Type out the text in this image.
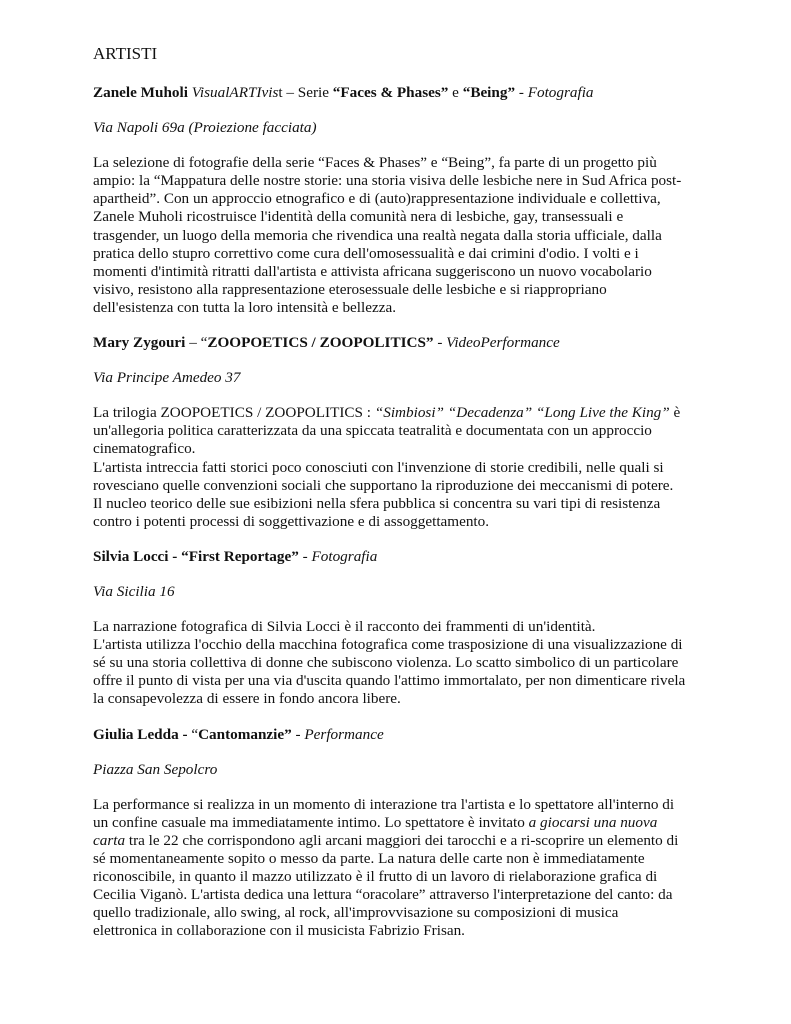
ARTISTI
Zanele Muholi VisualARTIvist – Serie “Faces & Phases” e “Being” - Fotografia
Via Napoli 69a (Proiezione facciata)
La selezione di fotografie della serie “Faces & Phases” e “Being”, fa parte di un progetto più
ampio: la “Mappatura delle nostre storie: una storia visiva delle lesbiche nere in Sud Africa post-
apartheid”. Con un approccio etnografico e di (auto)rappresentazione individuale e collettiva,
Zanele Muholi ricostruisce l'identità della comunità nera di lesbiche, gay, transessuali e
trasgender, un luogo della memoria che rivendica una realtà negata dalla storia ufficiale, dalla
pratica dello stupro correttivo come cura dell'omosessualità e dai crimini d'odio. I volti e i
momenti d'intimità ritratti dall'artista e attivista africana suggeriscono un nuovo vocabolario
visivo, resistono alla rappresentazione eterosessuale delle lesbiche e si riappropriano
dell'esistenza con tutta la loro intensità e bellezza.
Mary Zygouri – “ZOOPOETICS / ZOOPOLITICS” - VideoPerformance
Via Principe Amedeo 37
La trilogia ZOOPOETICS / ZOOPOLITICS : “Simbiosi” “Decadenza” “Long Live the King” è
un'allegoria politica caratterizzata da una spiccata teatralità e documentata con un approccio
cinematografico.
L'artista intreccia fatti storici poco conosciuti con l'invenzione di storie credibili, nelle quali si
rovesciano quelle convenzioni sociali che supportano la riproduzione dei meccanismi di potere.
Il nucleo teorico delle sue esibizioni nella sfera pubblica si concentra su vari tipi di resistenza
contro i potenti processi di soggettivazione e di assoggettamento.
Silvia Locci - “First Reportage” - Fotografia
Via Sicilia 16
La narrazione fotografica di Silvia Locci è il racconto dei frammenti di un'identità.
L'artista utilizza l'occhio della macchina fotografica come trasposizione di una visualizzazione di
sé su una storia collettiva di donne che subiscono violenza. Lo scatto simbolico di un particolare
offre il punto di vista per una via d'uscita quando l'attimo immortalato, per non dimenticare rivela
la consapevolezza di essere in fondo ancora libere.
Giulia Ledda - “Cantomanzie” - Performance
Piazza San Sepolcro
La performance si realizza in un momento di interazione tra l'artista e lo spettatore all'interno di
un confine casuale ma immediatamente intimo. Lo spettatore è invitato a giocarsi una nuova
carta tra le 22 che corrispondono agli arcani maggiori dei tarocchi e a ri-scoprire un elemento di
sé momentaneamente sopito o messo da parte. La natura delle carte non è immediatamente
riconoscibile, in quanto il mazzo utilizzato è il frutto di un lavoro di rielaborazione grafica di
Cecilia Viganò. L'artista dedica una lettura “oracolare” attraverso l'interpretazione del canto: da
quello tradizionale, allo swing, al rock, all'improvvisazione su composizioni di musica
elettronica in collaborazione con il musicista Fabrizio Frisan.
